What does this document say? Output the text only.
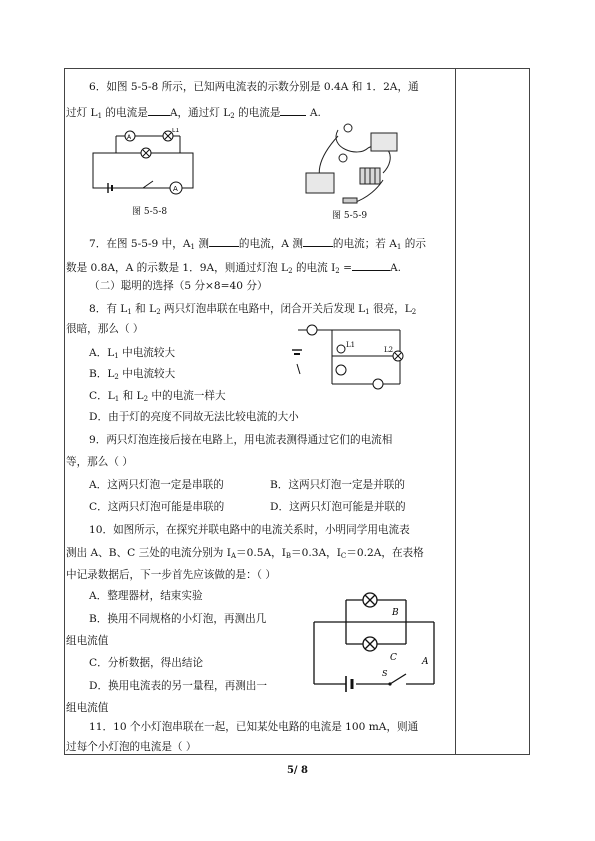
6．如图 5-5-8 所示，已知两电流表的示数分别是 0.4A 和 1．2A，通
过灯 $L_1$ 的电流是 A，通过灯 $L_2$ 的电流是 A.
A
A
L1
图 5-5-8	图 5-5-9
7．在图 5-5-9 中，$A_1$ 测	的电流，A 测	的电流；若 $A_1$ 的示
数是 0.8A，A 的示数是 1．9A，则通过灯泡 $L_2$ 的电流 $I_2$ =	A.
（二）聪明的选择（5 分×8=40 分）
8．有 $L_1$ 和 $L_2$ 两只灯泡串联在电路中，闭合开关后发现 $L_1$ 很亮，$L_2$
很暗，那么（ ）
A．$L_1$ 中电流较大
B．$L_2$ 中电流较大
C．$L_1$ 和 $L_2$ 中的电流一样大
D．由于灯的亮度不同故无法比较电流的大小
L1
L2
9．两只灯泡连接后接在电路上，用电流表测得通过它们的电流相
等，那么（ ）
A．这两只灯泡一定是串联的	B．这两只灯泡一定是并联的
C．这两只灯泡可能是串联的	D．这两只灯泡可能是并联的
10．如图所示，在探究并联电路中的电流关系时，小明同学用电流表
测出 A、B、C 三处的电流分别为 $I_A=0.5A$，$I_B=0.3A$，$I_C=0.2A$，在表格
中记录数据后，下一步首先应该做的是：（ ）
A．整理器材，结束实验
B．换用不同规格的小灯泡，再测出几
组电流值
C．分析数据，得出结论
D．换用电流表的另一量程，再测出一
组电流值
B
C	A
S
11．10 个小灯泡串联在一起，已知某处电路的电流是 100 mA，则通
过每个小灯泡的电流是（ ）
5/ 8
